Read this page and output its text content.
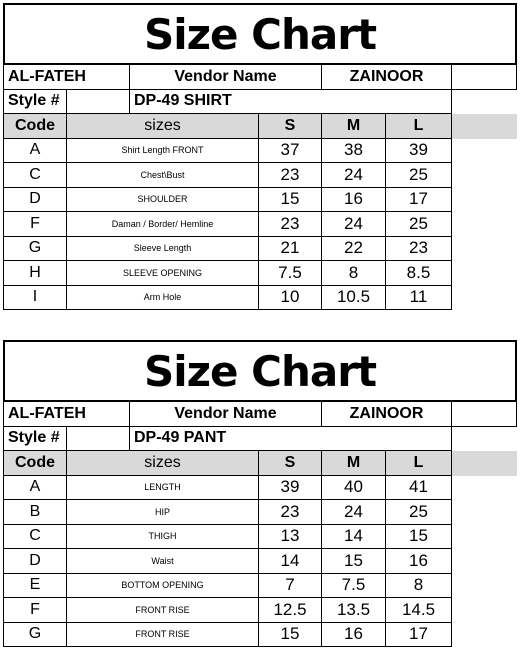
Size Chart
AL-FATEH	Vendor Name	ZAINOOR
Style #	DP-49 SHIRT
Code	sizes	S	M	L
A	Shirt Length FRONT	37	38	39
C	Chest\Bust	23	24	25
D	SHOULDER	15	16	17
F	Daman / Border/ Hemline	23	24	25
G	Sleeve Length	21	22	23
H	SLEEVE OPENING	7.5	8	8.5
I	Arm Hole	10	10.5	11
Size Chart
AL-FATEH	Vendor Name	ZAINOOR
Style #	DP-49 PANT
Code	sizes	S	M	L
A	LENGTH	39	40	41
B	HIP	23	24	25
C	THIGH	13	14	15
D	Waist	14	15	16
E	BOTTOM OPENING	7	7.5	8
F	FRONT RISE	12.5	13.5	14.5
G	FRONT RISE	15	16	17
